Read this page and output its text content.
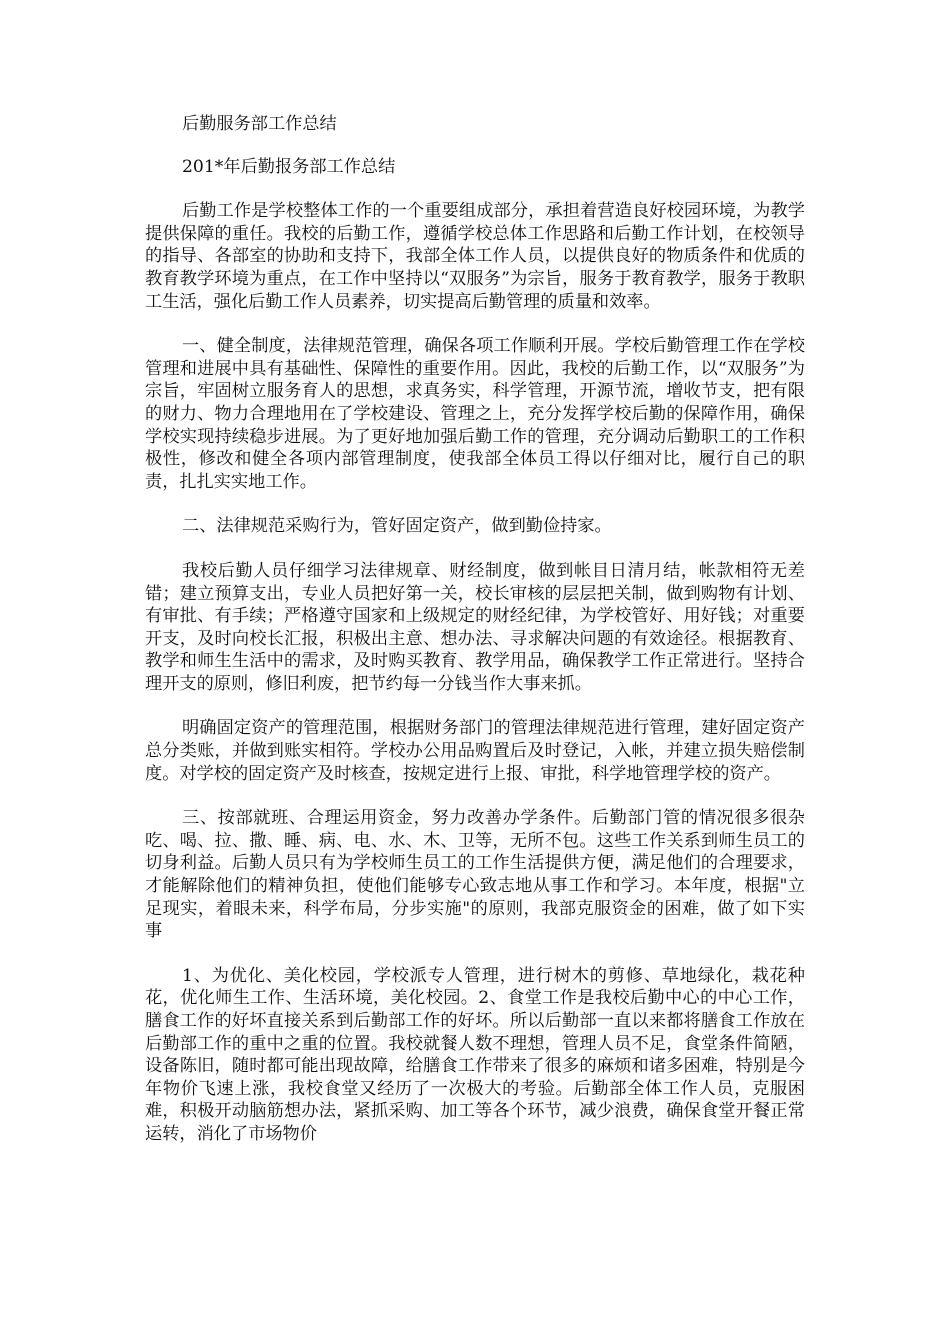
后勤服务部工作总结

201*年后勤报务部工作总结

后勤工作是学校整体工作的一个重要组成部分，承担着营造良好校园环境，为教学提供保障的重任。我校的后勤工作，遵循学校总体工作思路和后勤工作计划，在校领导的指导、各部室的协助和支持下，我部全体工作人员，以提供良好的物质条件和优质的教育教学环境为重点，在工作中坚持以“双服务”为宗旨，服务于教育教学，服务于教职工生活，强化后勤工作人员素养，切实提高后勤管理的质量和效率。

一、健全制度，法律规范管理，确保各项工作顺利开展。学校后勤管理工作在学校管理和进展中具有基础性、保障性的重要作用。因此，我校的后勤工作，以“双服务”为宗旨，牢固树立服务育人的思想，求真务实，科学管理，开源节流，增收节支，把有限的财力、物力合理地用在了学校建设、管理之上，充分发挥学校后勤的保障作用，确保学校实现持续稳步进展。为了更好地加强后勤工作的管理，充分调动后勤职工的工作积极性，修改和健全各项内部管理制度，使我部全体员工得以仔细对比，履行自己的职责，扎扎实实地工作。

二、法律规范采购行为，管好固定资产，做到勤俭持家。

我校后勤人员仔细学习法律规章、财经制度，做到帐目日清月结，帐款相符无差错；建立预算支出，专业人员把好第一关，校长审核的层层把关制，做到购物有计划、有审批、有手续；严格遵守国家和上级规定的财经纪律，为学校管好、用好钱；对重要开支，及时向校长汇报，积极出主意、想办法、寻求解决问题的有效途径。根据教育、教学和师生生活中的需求，及时购买教育、教学用品，确保教学工作正常进行。坚持合理开支的原则，修旧利废，把节约每一分钱当作大事来抓。

明确固定资产的管理范围，根据财务部门的管理法律规范进行管理，建好固定资产总分类账，并做到账实相符。学校办公用品购置后及时登记，入帐，并建立损失赔偿制度。对学校的固定资产及时核查，按规定进行上报、审批，科学地管理学校的资产。

三、按部就班、合理运用资金，努力改善办学条件。后勤部门管的情况很多很杂吃、喝、拉、撒、睡、病、电、水、木、卫等，无所不包。这些工作关系到师生员工的切身利益。后勤人员只有为学校师生员工的工作生活提供方便，满足他们的合理要求，才能解除他们的精神负担，使他们能够专心致志地从事工作和学习。本年度，根据"立足现实，着眼未来，科学布局，分步实施"的原则，我部克服资金的困难，做了如下实事

1、为优化、美化校园，学校派专人管理，进行树木的剪修、草地绿化，栽花种花，优化师生工作、生活环境，美化校园。2、食堂工作是我校后勤中心的中心工作，膳食工作的好坏直接关系到后勤部工作的好坏。所以后勤部一直以来都将膳食工作放在后勤部工作的重中之重的位置。我校就餐人数不理想，管理人员不足，食堂条件简陋，设备陈旧，随时都可能出现故障，给膳食工作带来了很多的麻烦和诸多困难，特别是今年物价飞速上涨，我校食堂又经历了一次极大的考验。后勤部全体工作人员，克服困难，积极开动脑筋想办法，紧抓采购、加工等各个环节，减少浪费，确保食堂开餐正常运转，消化了市场物价
